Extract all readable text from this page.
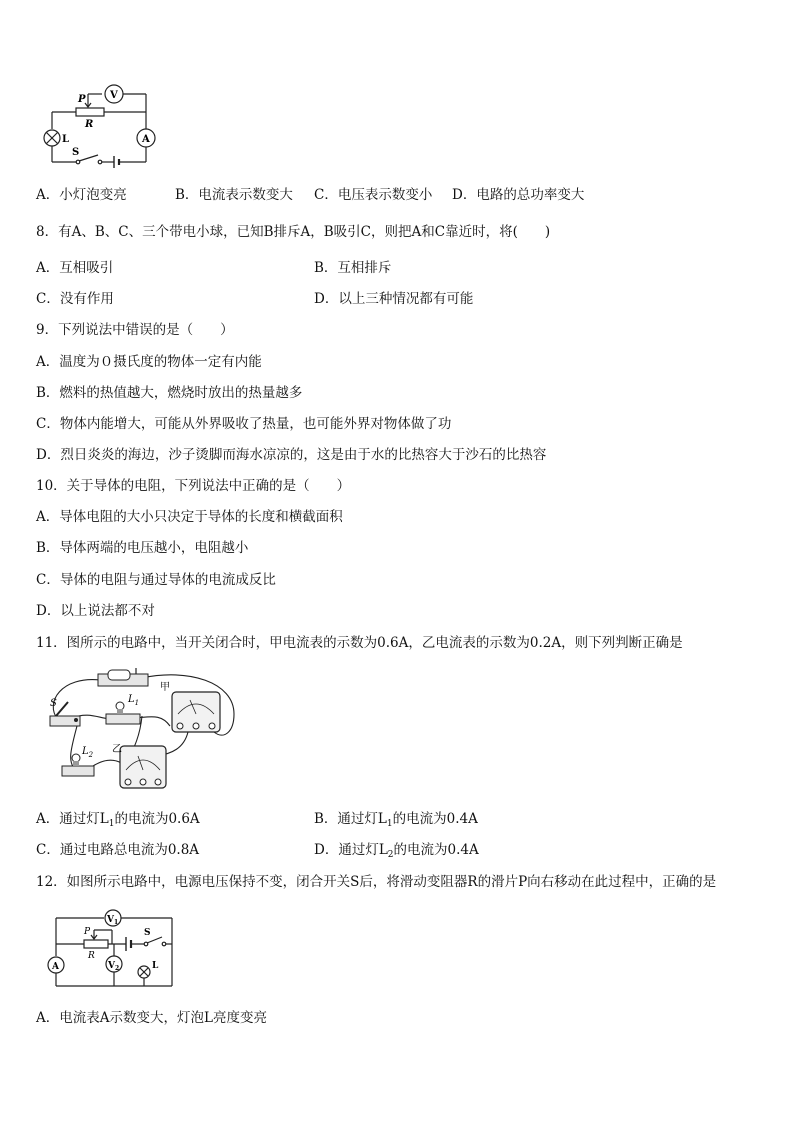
P
R
V
A
L
S
A．小灯泡变亮	B．电流表示数变大 C．电压表示数变小 D．电路的总功率变大
8．有A、B、C、三个带电小球，已知B排斥A，B吸引C，则把A和C靠近时，将(　　)
A．互相吸引	B．互相排斥
C．没有作用	D．以上三种情况都有可能
9．下列说法中错误的是（　　）
A．温度为０摄氏度的物体一定有内能
B．燃料的热值越大，燃烧时放出的热量越多
C．物体内能增大，可能从外界吸收了热量，也可能外界对物体做了功
D．烈日炎炎的海边，沙子烫脚而海水凉凉的，这是由于水的比热容大于沙石的比热容
10．关于导体的电阻，下列说法中正确的是（　　）
A．导体电阻的大小只决定于导体的长度和横截面积
B．导体两端的电压越小，电阻越小
C．导体的电阻与通过导体的电流成反比
D．以上说法都不对
11．图所示的电路中，当开关闭合时，甲电流表的示数为0.6A，乙电流表的示数为0.2A，则下列判断正确是
S	$L_1$
甲
$L_2$ 乙
A．通过灯$L_1$的电流为0.6A	B．通过灯$L_1$的电流为0.4A
C．通过电路总电流为0.8A	D．通过灯$L_2$的电流为0.4A
12．如图所示电路中，电源电压保持不变，闭合开关S后，将滑动变阻器R的滑片P向右移动在此过程中，正确的是
$V_1$
$V_2$
P
R
S
A	L
A．电流表A示数变大，灯泡L亮度变亮
